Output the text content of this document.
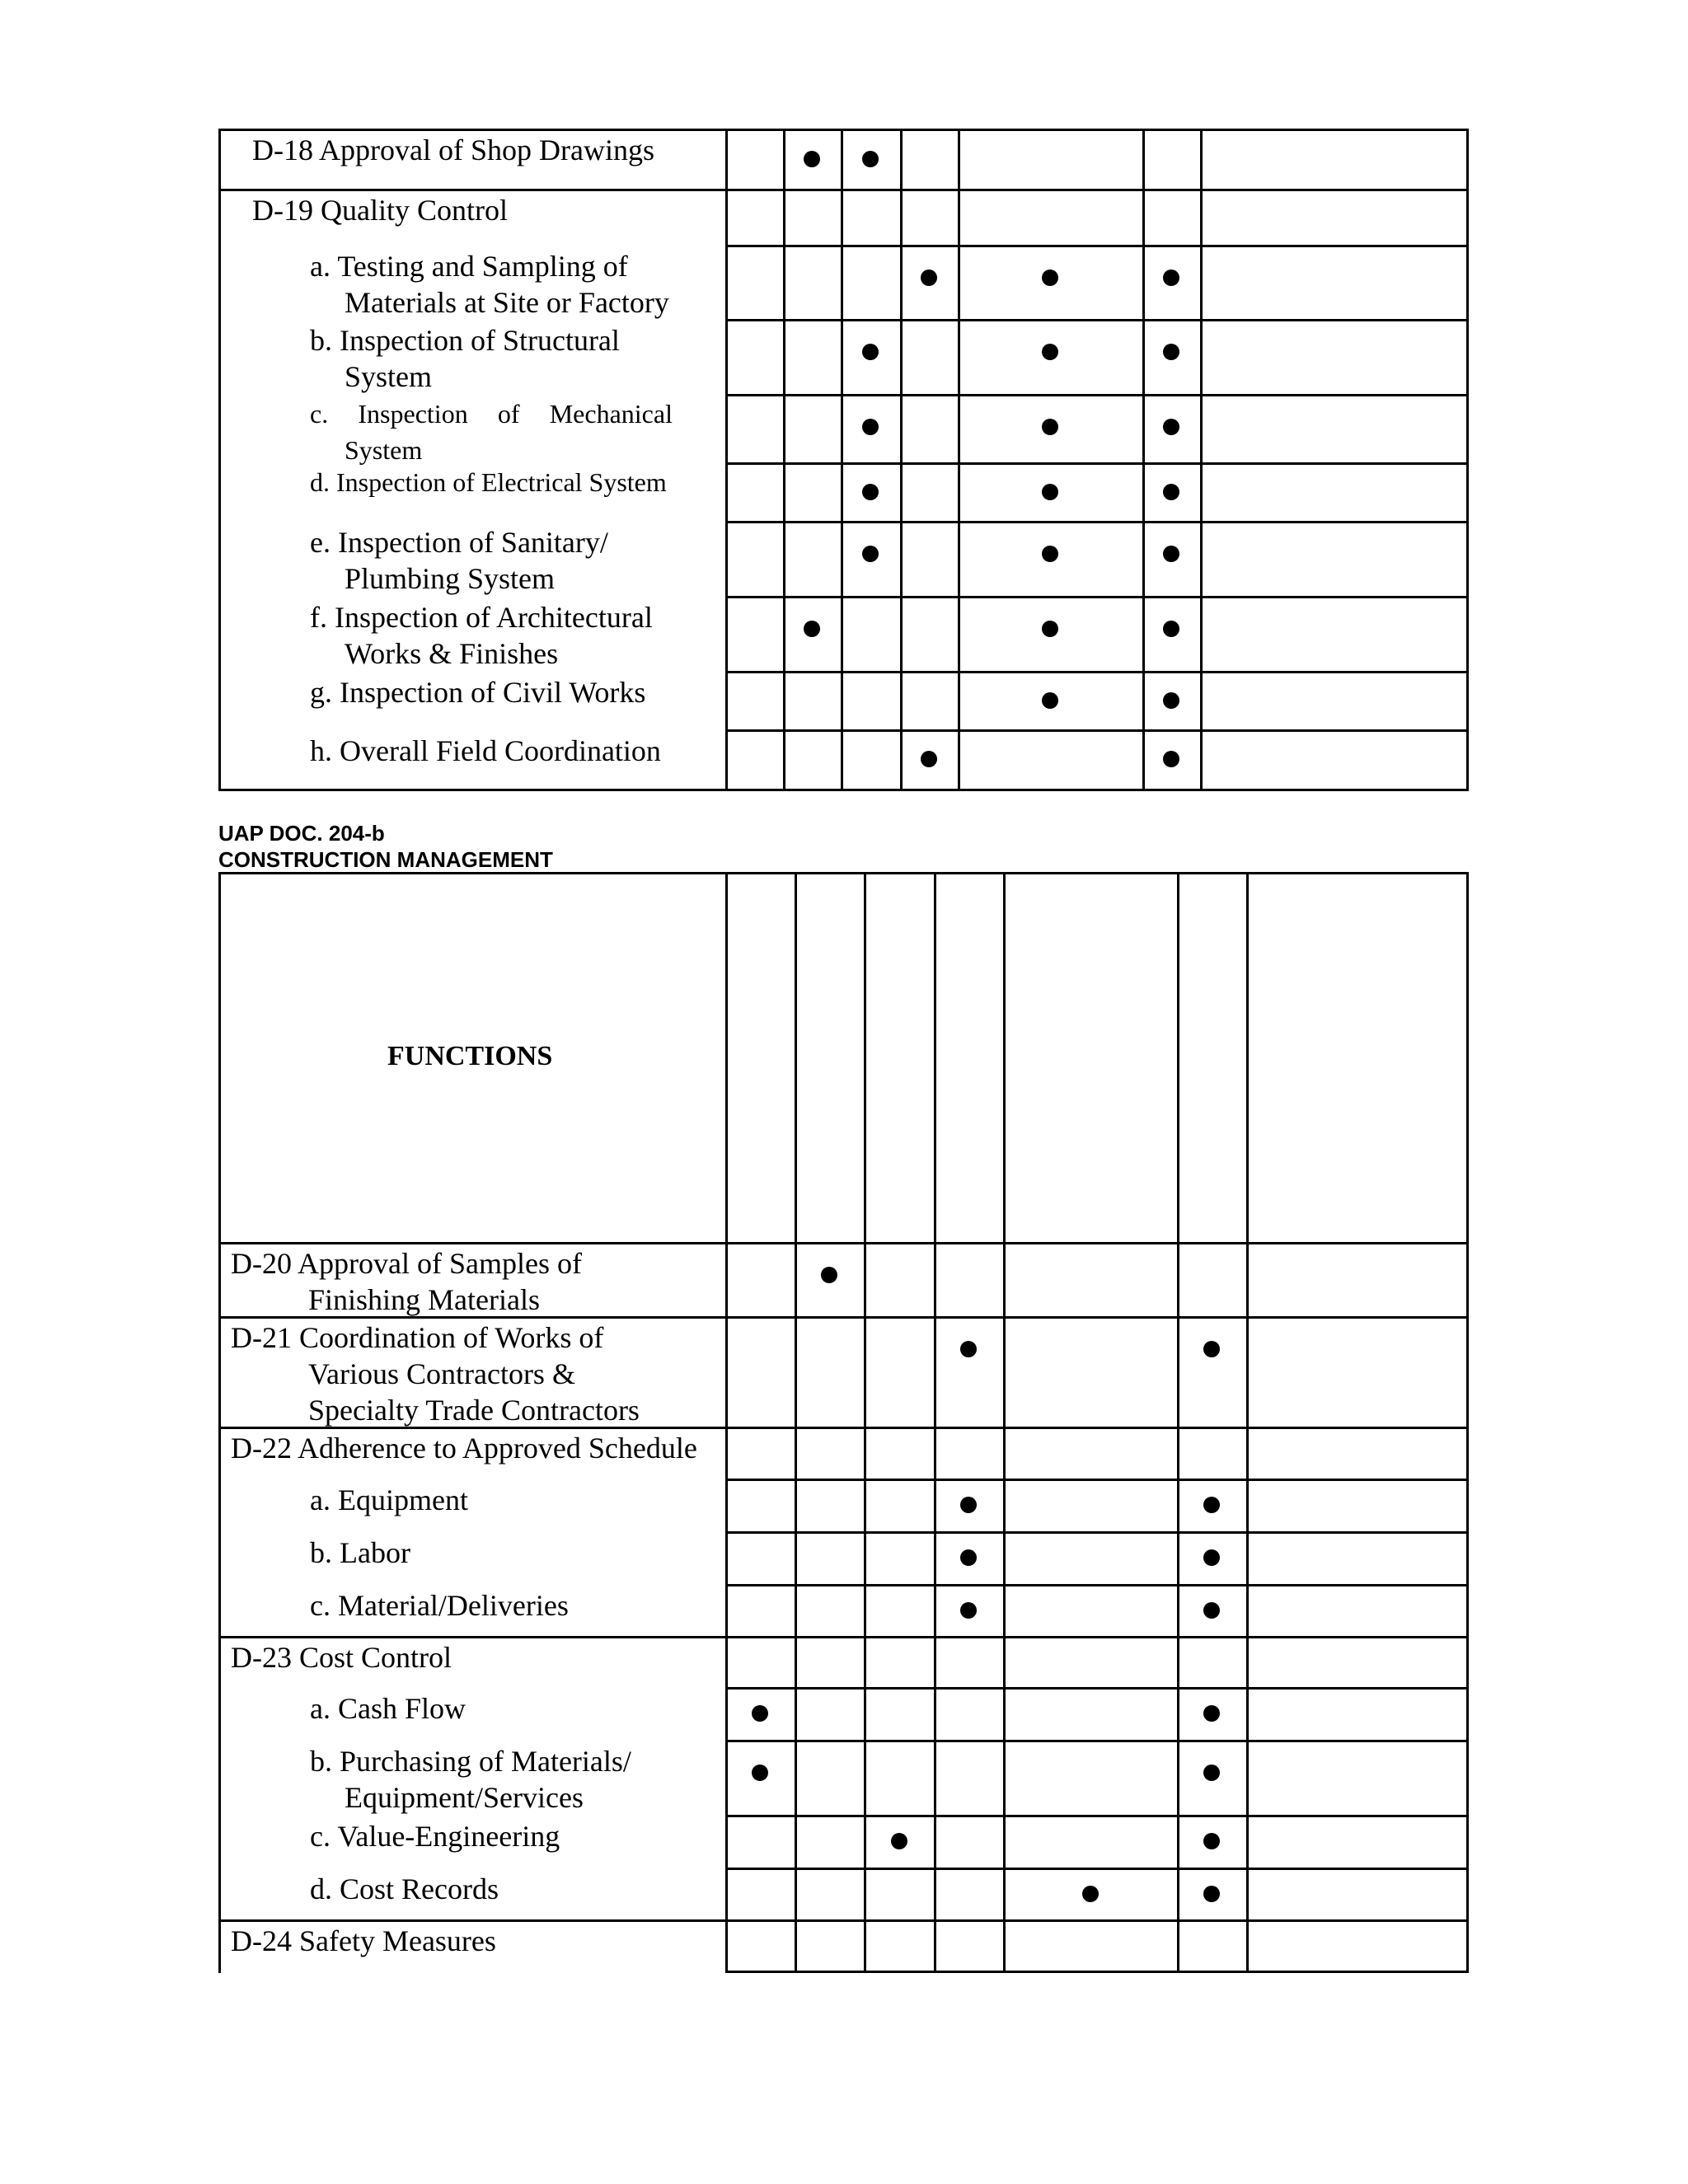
D-18 Approval of Shop Drawings
D-19 Quality Control
a. Testing and Sampling of
Materials at Site or Factory
b. Inspection of Structural
System
c. Inspection of Mechanical
System
d. Inspection of Electrical System
e. Inspection of Sanitary/
Plumbing System
f. Inspection of Architectural
Works & Finishes
g. Inspection of Civil Works
h. Overall Field Coordination
UAP DOC. 204-b
CONSTRUCTION MANAGEMENT
FUNCTIONS
D-20 Approval of Samples of
Finishing Materials
D-21 Coordination of Works of
Various Contractors &
Specialty Trade Contractors
D-22 Adherence to Approved Schedule
a. Equipment
b. Labor
c. Material/Deliveries
D-23 Cost Control
a. Cash Flow
b. Purchasing of Materials/
Equipment/Services
c. Value-Engineering
d. Cost Records
D-24 Safety Measures
